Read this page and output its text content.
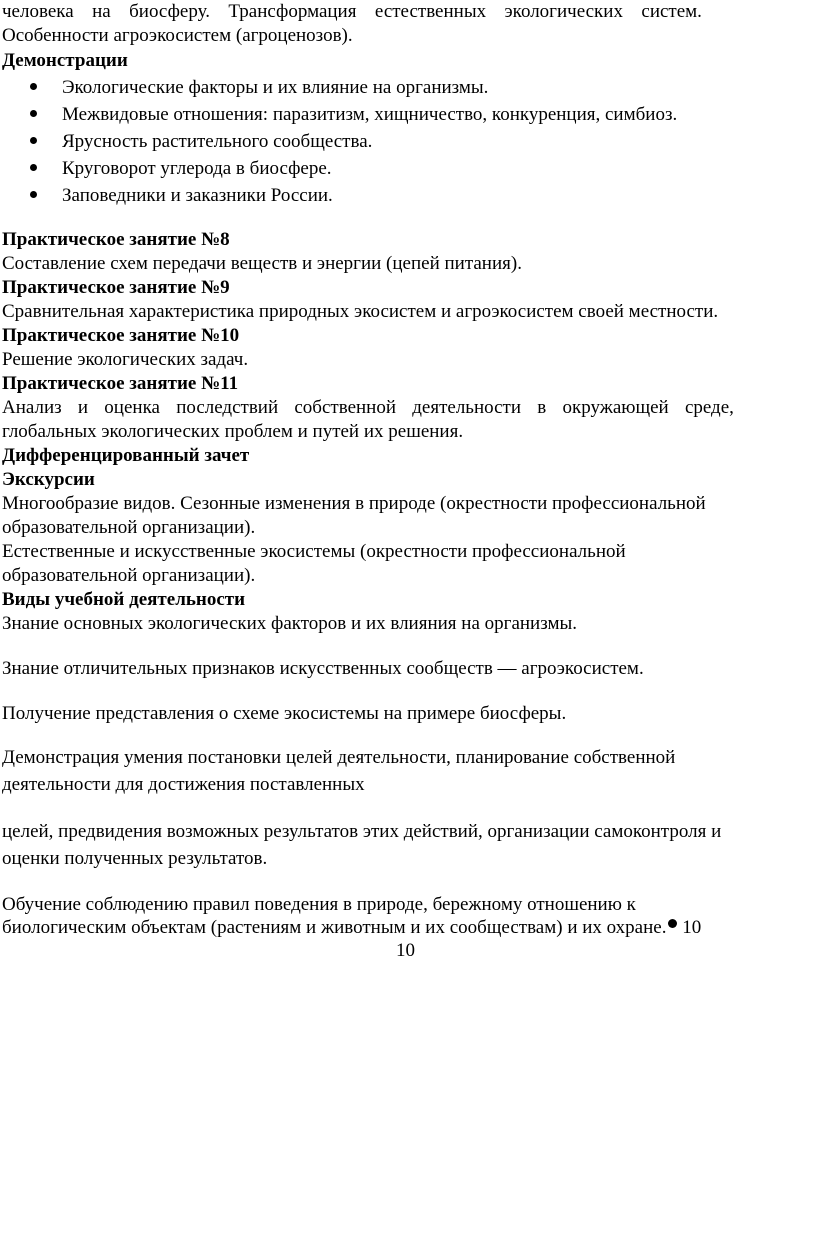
человека на биосферу. Трансформация естественных экологических систем.
Особенности агроэкосистем (агроценозов).
Демонстрации
Экологические факторы и их влияние на организмы.
Межвидовые отношения: паразитизм, хищничество, конкуренция, симбиоз.
Ярусность растительного сообщества.
Круговорот углерода в биосфере.
Заповедники и заказники России.
Практическое занятие №8
Составление схем передачи веществ и энергии (цепей питания).
Практическое занятие №9
Сравнительная характеристика природных экосистем и агроэкосистем своей местности.
Практическое занятие №10
Решение экологических задач.
Практическое занятие №11
Анализ и оценка последствий собственной деятельности в окружающей среде,
глобальных экологических проблем и путей их решения.
Дифференцированный зачет
Экскурсии
Многообразие видов. Сезонные изменения в природе (окрестности профессиональной
образовательной организации).
Естественные и искусственные экосистемы (окрестности профессиональной
образовательной организации).
Виды учебной деятельности
Знание основных экологических факторов и их влияния на организмы.
Знание отличительных признаков искусственных сообществ — агроэкосистем.
Получение представления о схеме экосистемы на примере биосферы.
Демонстрация умения постановки целей деятельности, планирование собственной
деятельности для достижения поставленных
целей, предвидения возможных результатов этих действий, организации самоконтроля и
оценки полученных результатов.
Обучение соблюдению правил поведения в природе, бережному отношению к
биологическим объектам (растениям и животным и их сообществам) и их охране. 10
10
